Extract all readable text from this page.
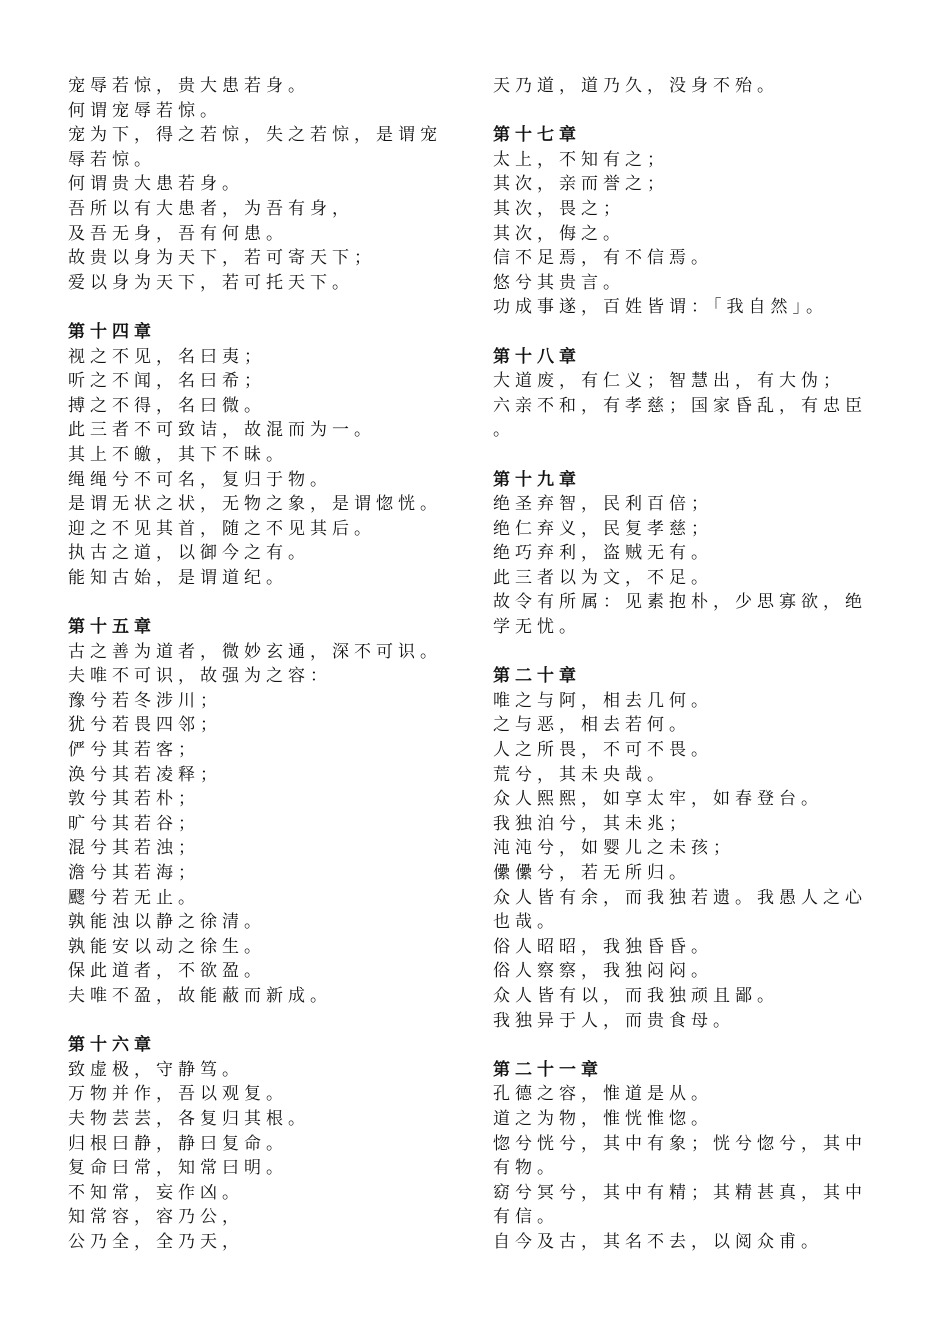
宠辱若惊，贵大患若身。
何谓宠辱若惊。
宠为下，得之若惊，失之若惊，是谓宠
辱若惊。
何谓贵大患若身。
吾所以有大患者，为吾有身，
及吾无身，吾有何患。
故贵以身为天下，若可寄天下；
爱以身为天下，若可托天下。
第十四章
视之不见，名曰夷；
听之不闻，名曰希；
搏之不得，名曰微。
此三者不可致诘，故混而为一。
其上不皦，其下不昧。
绳绳兮不可名，复归于物。
是谓无状之状，无物之象，是谓惚恍。
迎之不见其首，随之不见其后。
执古之道，以御今之有。
能知古始，是谓道纪。
第十五章
古之善为道者，微妙玄通，深不可识。
夫唯不可识，故强为之容：
豫兮若冬涉川；
犹兮若畏四邻；
俨兮其若客；
涣兮其若凌释；
敦兮其若朴；
旷兮其若谷；
混兮其若浊；
澹兮其若海；
飂兮若无止。
孰能浊以静之徐清。
孰能安以动之徐生。
保此道者，不欲盈。
夫唯不盈，故能蔽而新成。
第十六章
致虚极，守静笃。
万物并作，吾以观复。
夫物芸芸，各复归其根。
归根曰静，静曰复命。
复命曰常，知常曰明。
不知常，妄作凶。
知常容，容乃公，
公乃全，全乃天，
天乃道，道乃久，没身不殆。
第十七章
太上，不知有之；
其次，亲而誉之；
其次，畏之；
其次，侮之。
信不足焉，有不信焉。
悠兮其贵言。
功成事遂，百姓皆谓：「我自然」。
第十八章
大道废，有仁义；智慧出，有大伪；
六亲不和，有孝慈；国家昏乱，有忠臣
。
第十九章
绝圣弃智，民利百倍；
绝仁弃义，民复孝慈；
绝巧弃利，盗贼无有。
此三者以为文，不足。
故令有所属：见素抱朴，少思寡欲，绝
学无忧。
第二十章
唯之与阿，相去几何。
之与恶，相去若何。
人之所畏，不可不畏。
荒兮，其未央哉。
众人熙熙，如享太牢，如春登台。
我独泊兮，其未兆；
沌沌兮，如婴儿之未孩；
儽儽兮，若无所归。
众人皆有余，而我独若遗。我愚人之心
也哉。
俗人昭昭，我独昏昏。
俗人察察，我独闷闷。
众人皆有以，而我独顽且鄙。
我独异于人，而贵食母。
第二十一章
孔德之容，惟道是从。
道之为物，惟恍惟惚。
惚兮恍兮，其中有象；恍兮惚兮，其中
有物。
窈兮冥兮，其中有精；其精甚真，其中
有信。
自今及古，其名不去，以阅众甫。
